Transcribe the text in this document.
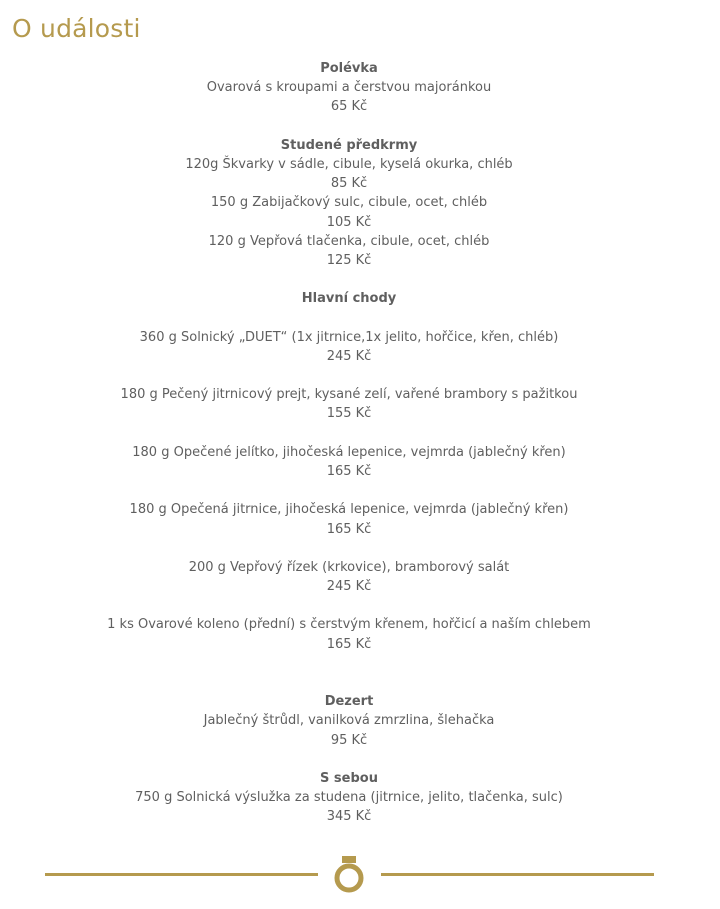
O události
Polévka
Ovarová s kroupami a čerstvou majoránkou
65 Kč
Studené předkrmy
120g Škvarky v sádle, cibule, kyselá okurka, chléb
85 Kč
150 g Zabijačkový sulc, cibule, ocet, chléb
105 Kč
120 g Vepřová tlačenka, cibule, ocet, chléb
125 Kč
Hlavní chody
360 g Solnický „DUET“ (1x jitrnice,1x jelito, hořčice, křen, chléb)
245 Kč
180 g Pečený jitrnicový prejt, kysané zelí, vařené brambory s pažitkou
155 Kč
180 g Opečené jelítko, jihočeská lepenice, vejmrda (jablečný křen)
165 Kč
180 g Opečená jitrnice, jihočeská lepenice, vejmrda (jablečný křen)
165 Kč
200 g Vepřový řízek (krkovice), bramborový salát
245 Kč
1 ks Ovarové koleno (přední) s čerstvým křenem, hořčicí a naším chlebem
165 Kč
Dezert
Jablečný štrůdl, vanilková zmrzlina, šlehačka
95 Kč
S sebou
750 g Solnická výslužka za studena (jitrnice, jelito, tlačenka, sulc)
345 Kč
